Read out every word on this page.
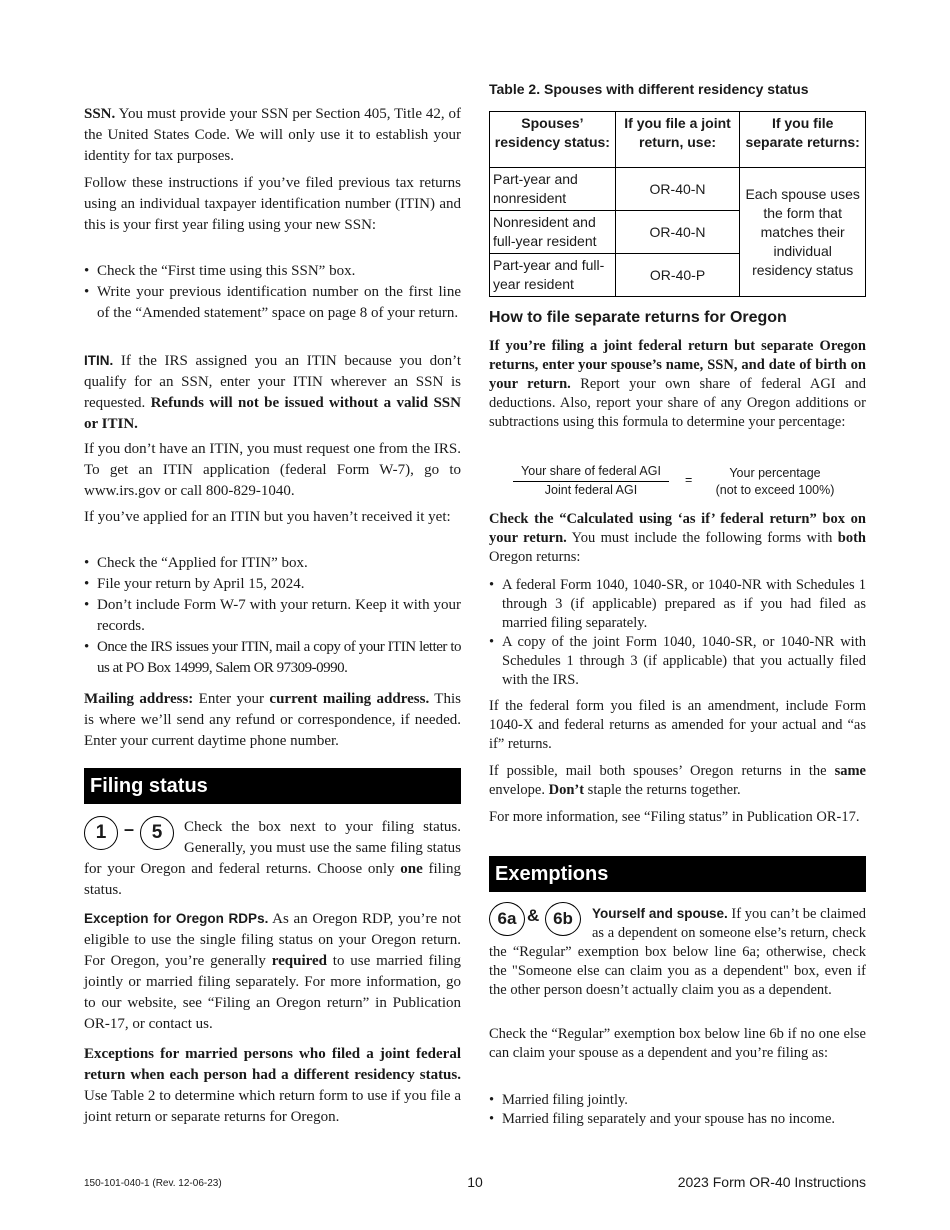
SSN. You must provide your SSN per Section 405, Title 42, of the United States Code. We will only use it to establish your identity for tax purposes.

Follow these instructions if you’ve filed previous tax returns using an individual taxpayer identification number (ITIN) and this is your first year filing using your new SSN:

• Check the “First time using this SSN” box.
• Write your previous identification number on the first line of the “Amended statement” space on page 8 of your return.

ITIN. If the IRS assigned you an ITIN because you don’t qualify for an SSN, enter your ITIN wherever an SSN is requested. Refunds will not be issued without a valid SSN or ITIN.

If you don’t have an ITIN, you must request one from the IRS. To get an ITIN application (federal Form W-7), go to www.irs.gov or call 800-829-1040.

If you’ve applied for an ITIN but you haven’t received it yet:

• Check the “Applied for ITIN” box.
• File your return by April 15, 2024.
• Don’t include Form W-7 with your return. Keep it with your records.
• Once the IRS issues your ITIN, mail a copy of your ITIN letter to us at PO Box 14999, Salem OR 97309-0990.

Mailing address: Enter your current mailing address. This is where we’ll send any refund or correspondence, if needed. Enter your current daytime phone number.

Filing status
1 – 5	Check the box next to your filing status. Generally, you must use the same filing status for your Oregon and federal returns. Choose only one filing status.

Exception for Oregon RDPs. As an Oregon RDP, you’re not eligible to use the single filing status on your Oregon return. For Oregon, you’re generally required to use married filing jointly or married filing separately. For more information, go to our website, see “Filing an Oregon return” in Publication OR-17, or contact us.

Exceptions for married persons who filed a joint federal return when each person had a different residency status. Use Table 2 to determine which return form to use if you file a joint return or separate returns for Oregon.

Table 2. Spouses with different residency status
Spouses’ residency status:	If you file a joint return, use:	If you file separate returns:
Part-year and nonresident	OR-40-N	Each spouse uses the form that matches their individual residency status
Nonresident and full-year resident	OR-40-N	
Part-year and full-year resident	OR-40-P	
How to file separate returns for Oregon

If you’re filing a joint federal return but separate Oregon returns, enter your spouse’s name, SSN, and date of birth on your return. Report your own share of federal AGI and deductions. Also, report your share of any Oregon additions or subtractions using this formula to determine your percentage:

Your share of federal AGI
Joint federal AGI
=	Your percentage
(not to exceed 100%)

Check the “Calculated using ‘as if’ federal return” box on your return. You must include the following forms with both Oregon returns:

• A federal Form 1040, 1040-SR, or 1040-NR with Schedules 1 through 3 (if applicable) prepared as if you had filed as married filing separately.
• A copy of the joint Form 1040, 1040-SR, or 1040-NR with Schedules 1 through 3 (if applicable) that you actually filed with the IRS.

If the federal form you filed is an amendment, include Form 1040-X and federal returns as amended for your actual and “as if” returns.

If possible, mail both spouses’ Oregon returns in the same envelope. Don’t staple the returns together.

For more information, see “Filing status” in Publication OR-17.

Exemptions
6a & 6b	Yourself and spouse. If you can’t be claimed as a dependent on someone else’s return, check the “Regular” exemption box below line 6a; otherwise, check the "Someone else can claim you as a dependent" box, even if the other person doesn’t actually claim you as a dependent.

Check the “Regular” exemption box below line 6b if no one else can claim your spouse as a dependent and you’re filing as:

• Married filing jointly.
• Married filing separately and your spouse has no income.
150-101-040-1 (Rev. 12-06-23)	10	2023 Form OR-40 Instructions
